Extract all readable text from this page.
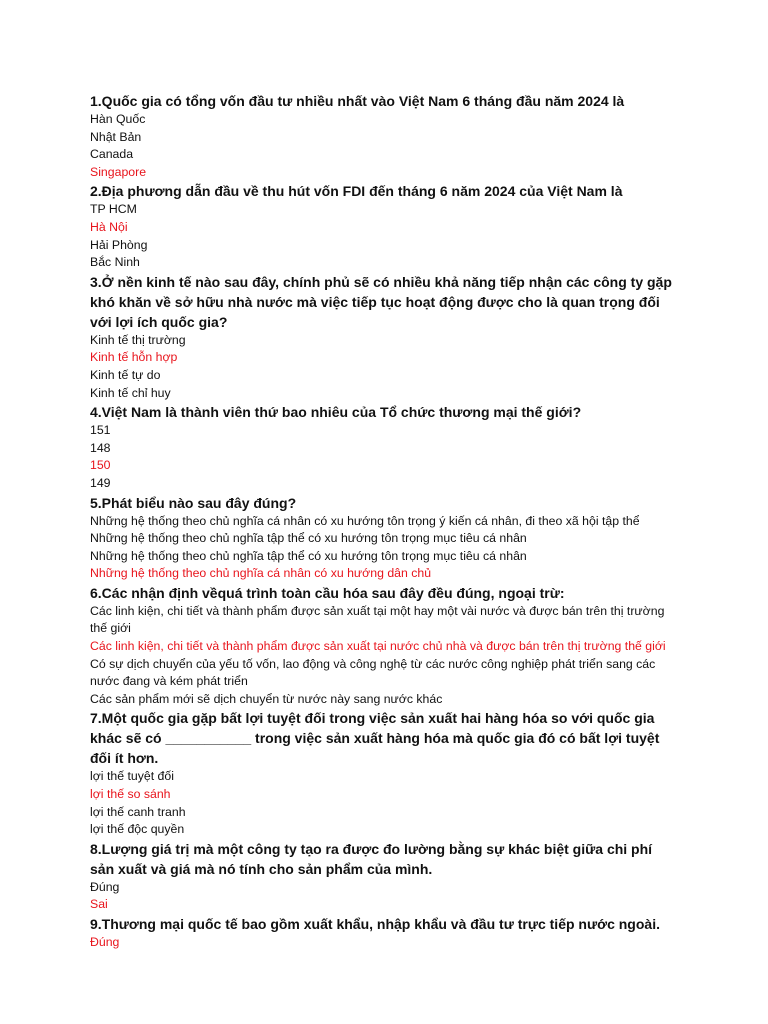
1.Quốc gia có tổng vốn đầu tư nhiều nhất vào Việt Nam 6 tháng đầu năm 2024 là

Hàn Quốc

Nhật Bản

Canada

Singapore

2.Địa phương dẫn đầu về thu hút vốn FDI đến tháng 6 năm 2024 của Việt Nam là

TP HCM

Hà Nội

Hải Phòng

Bắc Ninh

3.Ở nền kinh tế nào sau đây, chính phủ sẽ có nhiều khả năng tiếp nhận các công ty gặp khó khăn về sở hữu nhà nước mà việc tiếp tục hoạt động được cho là quan trọng đối với lợi ích quốc gia?

Kinh tế thị trường

Kinh tế hỗn hợp

Kinh tế tự do

Kinh tế chỉ huy

4.Việt Nam là thành viên thứ bao nhiêu của Tổ chức thương mại thế giới?

151

148

150

149

5.Phát biểu nào sau đây đúng?

Những hệ thống theo chủ nghĩa cá nhân có xu hướng tôn trọng ý kiến cá nhân, đi theo xã hội tập thể

Những hệ thống theo chủ nghĩa tập thể có xu hướng tôn trọng mục tiêu cá nhân

Những hệ thống theo chủ nghĩa tập thể có xu hướng tôn trọng mục tiêu cá nhân

Những hệ thống theo chủ nghĩa cá nhân có xu hướng dân chủ

6.Các nhận định vềquá trình toàn cầu hóa sau đây đều đúng, ngoại trừ:

Các linh kiện, chi tiết và thành phẩm được sản xuất tại một hay một vài nước và được bán trên thị trường thế giới

Các linh kiện, chi tiết và thành phẩm được sản xuất tại nước chủ nhà và được bán trên thị trường thế giới

Có sự dịch chuyển của yếu tố vốn, lao động và công nghệ từ các nước công nghiệp phát triển sang các nước đang và kém phát triển

Các sản phẩm mới sẽ dịch chuyển từ nước này sang nước khác

7.Một quốc gia gặp bất lợi tuyệt đối trong việc sản xuất hai hàng hóa so với quốc gia khác sẽ có ___________ trong việc sản xuất hàng hóa mà quốc gia đó có bất lợi tuyệt đối ít hơn.

lợi thế tuyệt đối

lợi thế so sánh

lợi thế canh tranh

lợi thế độc quyền

8.Lượng giá trị mà một công ty tạo ra được đo lường bằng sự khác biệt giữa chi phí sản xuất và giá mà nó tính cho sản phẩm của mình.

Đúng

Sai

9.Thương mại quốc tế bao gồm xuất khẩu, nhập khẩu và đầu tư trực tiếp nước ngoài.

Đúng
